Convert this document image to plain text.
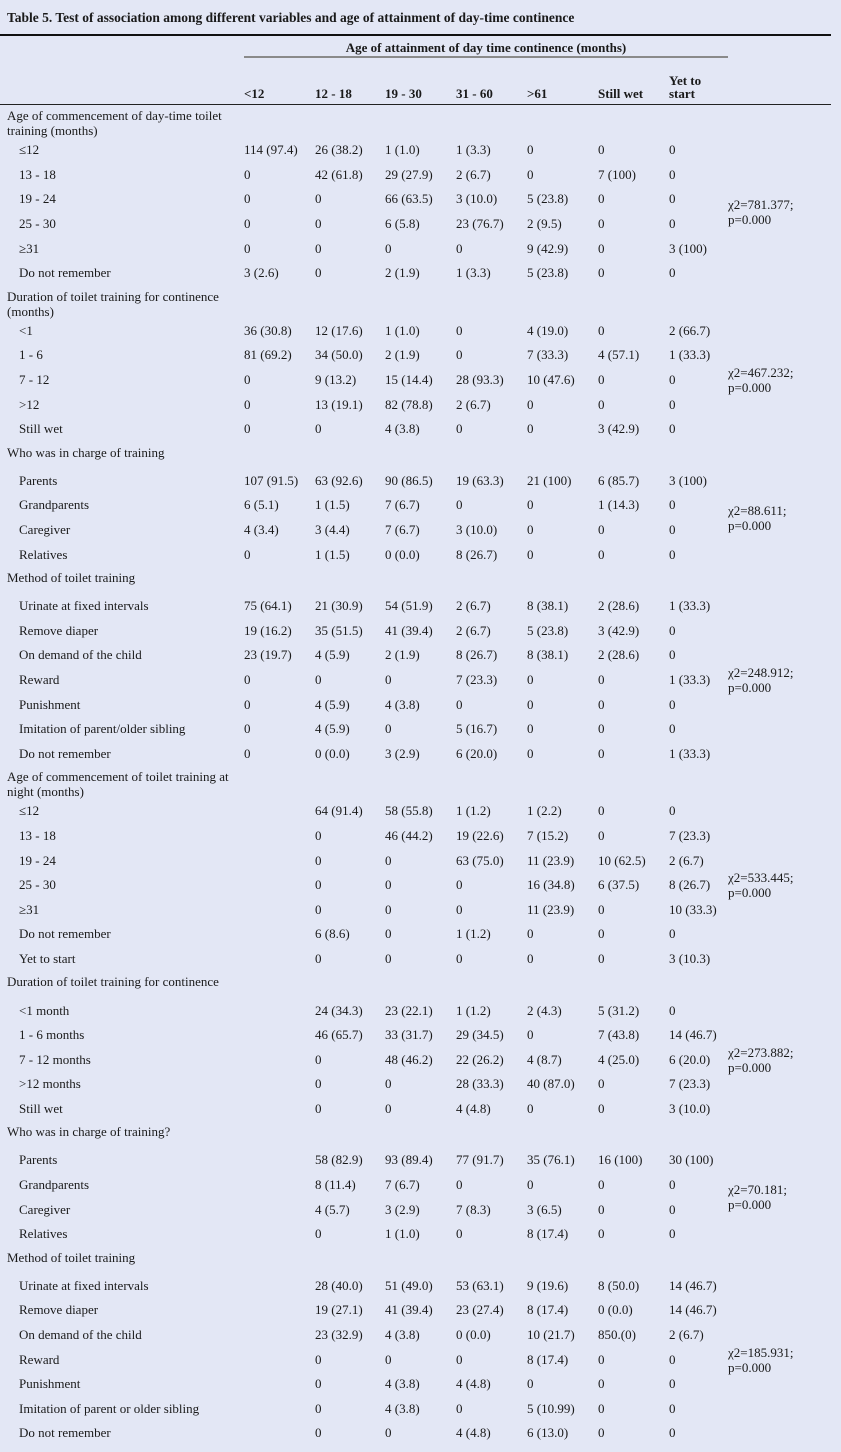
Table 5. Test of association among different variables and age of attainment of day-time continence

	Age of attainment of day time continence (months)							

	<12	12 - 18	19 - 30	31 - 60	>61	Still wet	Yet to start	
Age of commencement of day-time toilet training (months)								
≤12	114 (97.4)	26 (38.2)	1 (1.0)	1 (3.3)	0	0	0	χ2=781.377;
p=0.000

13 - 18	0	42 (61.8)	29 (27.9)	2 (6.7)	0	7 (100)	0	
19 - 24	0	0	66 (63.5)	3 (10.0)	5 (23.8)	0	0	
25 - 30	0	0	6 (5.8)	23 (76.7)	2 (9.5)	0	0	
≥31	0	0	0	0	9 (42.9)	0	3 (100)	
Do not remember	3 (2.6)	0	2 (1.9)	1 (3.3)	5 (23.8)	0	0	
Duration of toilet training for continence (months)								
<1	36 (30.8)	12 (17.6)	1 (1.0)	0	4 (19.0)	0	2 (66.7)	χ2=467.232;
p=0.000

1 - 6	81 (69.2)	34 (50.0)	2 (1.9)	0	7 (33.3)	4 (57.1)	1 (33.3)	
7 - 12	0	9 (13.2)	15 (14.4)	28 (93.3)	10 (47.6)	0	0	
>12	0	13 (19.1)	82 (78.8)	2 (6.7)	0	0	0	
Still wet	0	0	4 (3.8)	0	0	3 (42.9)	0	
Who was in charge of training								
Parents	107 (91.5)	63 (92.6)	90 (86.5)	19 (63.3)	21 (100)	6 (85.7)	3 (100)	χ2=88.611;
p=0.000

Grandparents	6 (5.1)	1 (1.5)	7 (6.7)	0	0	1 (14.3)	0	
Caregiver	4 (3.4)	3 (4.4)	7 (6.7)	3 (10.0)	0	0	0	
Relatives	0	1 (1.5)	0 (0.0)	8 (26.7)	0	0	0	
Method of toilet training								
Urinate at fixed intervals	75 (64.1)	21 (30.9)	54 (51.9)	2 (6.7)	8 (38.1)	2 (28.6)	1 (33.3)	χ2=248.912;
p=0.000

Remove diaper	19 (16.2)	35 (51.5)	41 (39.4)	2 (6.7)	5 (23.8)	3 (42.9)	0	
On demand of the child	23 (19.7)	4 (5.9)	2 (1.9)	8 (26.7)	8 (38.1)	2 (28.6)	0	
Reward	0	0	0	7 (23.3)	0	0	1 (33.3)	
Punishment	0	4 (5.9)	4 (3.8)	0	0	0	0	
Imitation of parent/older sibling	0	4 (5.9)	0	5 (16.7)	0	0	0	
Do not remember	0	0 (0.0)	3 (2.9)	6 (20.0)	0	0	1 (33.3)	
Age of commencement of toilet training at night (months)								
≤12		64 (91.4)	58 (55.8)	1 (1.2)	1 (2.2)	0	0	χ2=533.445;
p=0.000

13 - 18		0	46 (44.2)	19 (22.6)	7 (15.2)	0	7 (23.3)	
19 - 24		0	0	63 (75.0)	11 (23.9)	10 (62.5)	2 (6.7)	
25 - 30		0	0	0	16 (34.8)	6 (37.5)	8 (26.7)	
≥31		0	0	0	11 (23.9)	0	10 (33.3)	
Do not remember		6 (8.6)	0	1 (1.2)	0	0	0	
Yet to start		0	0	0	0	0	3 (10.3)	
Duration of toilet training for continence								
<1 month		24 (34.3)	23 (22.1)	1 (1.2)	2 (4.3)	5 (31.2)	0	χ2=273.882;
p=0.000

1 - 6 months		46 (65.7)	33 (31.7)	29 (34.5)	0	7 (43.8)	14 (46.7)	
7 - 12 months		0	48 (46.2)	22 (26.2)	4 (8.7)	4 (25.0)	6 (20.0)	
>12 months		0	0	28 (33.3)	40 (87.0)	0	7 (23.3)	
Still wet		0	0	4 (4.8)	0	0	3 (10.0)	
Who was in charge of training?								
Parents		58 (82.9)	93 (89.4)	77 (91.7)	35 (76.1)	16 (100)	30 (100)	χ2=70.181;
p=0.000

Grandparents		8 (11.4)	7 (6.7)	0	0	0	0	
Caregiver		4 (5.7)	3 (2.9)	7 (8.3)	3 (6.5)	0	0	
Relatives		0	1 (1.0)	0	8 (17.4)	0	0	
Method of toilet training								
Urinate at fixed intervals		28 (40.0)	51 (49.0)	53 (63.1)	9 (19.6)	8 (50.0)	14 (46.7)	χ2=185.931;
p=0.000

Remove diaper		19 (27.1)	41 (39.4)	23 (27.4)	8 (17.4)	0 (0.0)	14 (46.7)	
On demand of the child		23 (32.9)	4 (3.8)	0 (0.0)	10 (21.7)	850.(0)	2 (6.7)	
Reward		0	0	0	8 (17.4)	0	0	
Punishment		0	4 (3.8)	4 (4.8)	0	0	0	
Imitation of parent or older sibling		0	4 (3.8)	0	5 (10.99)	0	0	
Do not remember		0	0	4 (4.8)	6 (13.0)	0	0	
